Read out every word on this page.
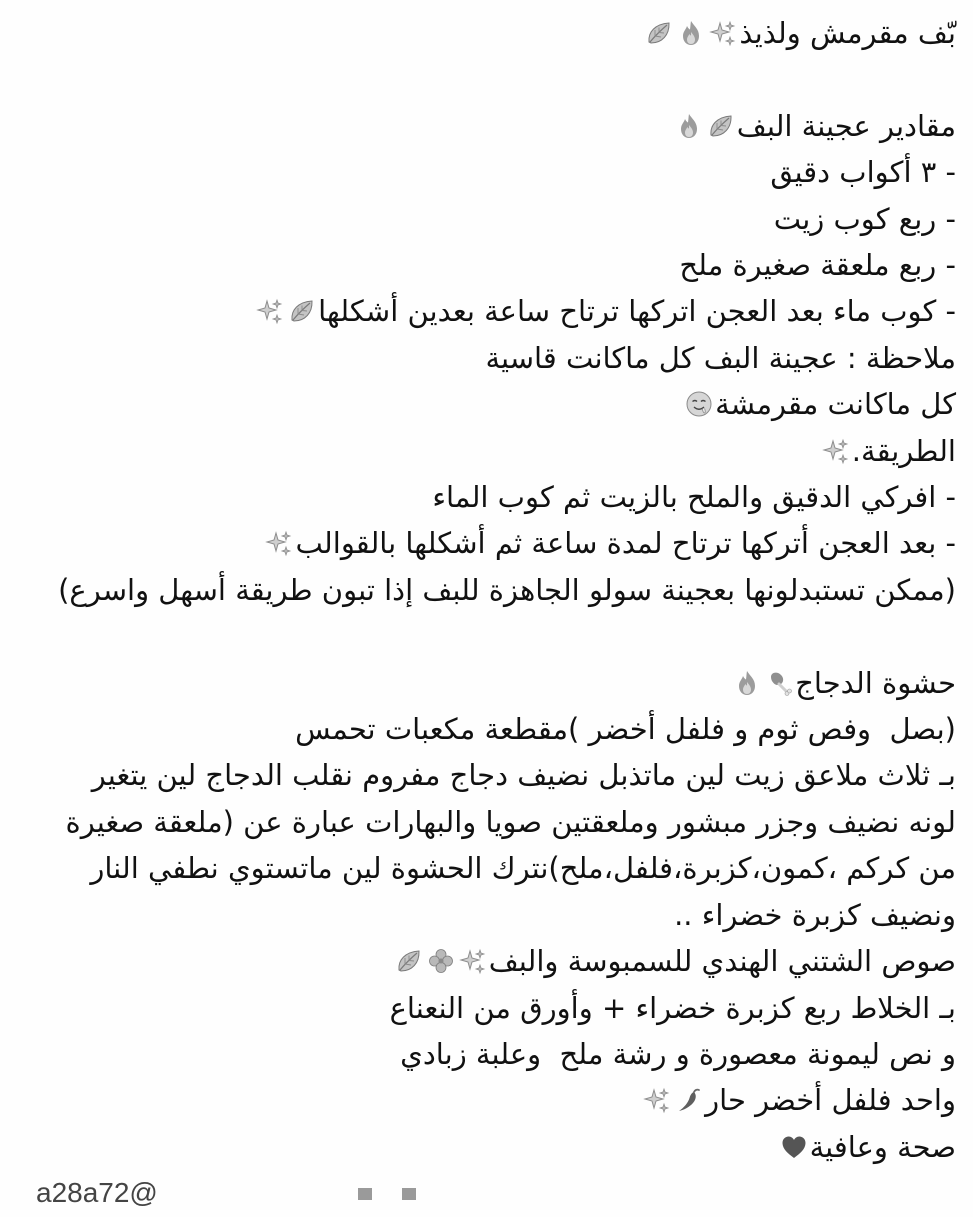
بّف مقرمش ولذيذ
مقادير عجينة البف
- ٣ أكواب دقيق
- ربع كوب زيت
- ربع ملعقة صغيرة ملح
- كوب ماء بعد العجن اتركها ترتاح ساعة بعدين أشكلها
ملاحظة : عجينة البف كل ماكانت قاسية
كل ماكانت مقرمشة
الطريقة.
- افركي الدقيق والملح بالزيت ثم كوب الماء
- بعد العجن أتركها ترتاح لمدة ساعة ثم أشكلها بالقوالب
(ممكن تستبدلونها بعجينة سولو الجاهزة للبف إذا تبون طريقة أسهل واسرع)
حشوة الدجاج
(بصل  وفص ثوم و فلفل أخضر )مقطعة مكعبات تحمس
بـ ثلاث ملاعق زيت لين ماتذبل نضيف دجاج مفروم نقلب الدجاج لين يتغير لونه نضيف وجزر مبشور وملعقتين صويا والبهارات عبارة عن (ملعقة صغيرة من كركم ،كمون،كزبرة،فلفل،ملح)نترك الحشوة لين ماتستوي نطفي النار ونضيف كزبرة خضراء ..
صوص الشتني الهندي للسمبوسة والبف
بـ الخلاط ربع كزبرة خضراء + وأورق من النعناع
و نص ليمونة معصورة و رشة ملح  وعلبة زبادي
واحد فلفل أخضر حار
صحة وعافية
a28a72@
